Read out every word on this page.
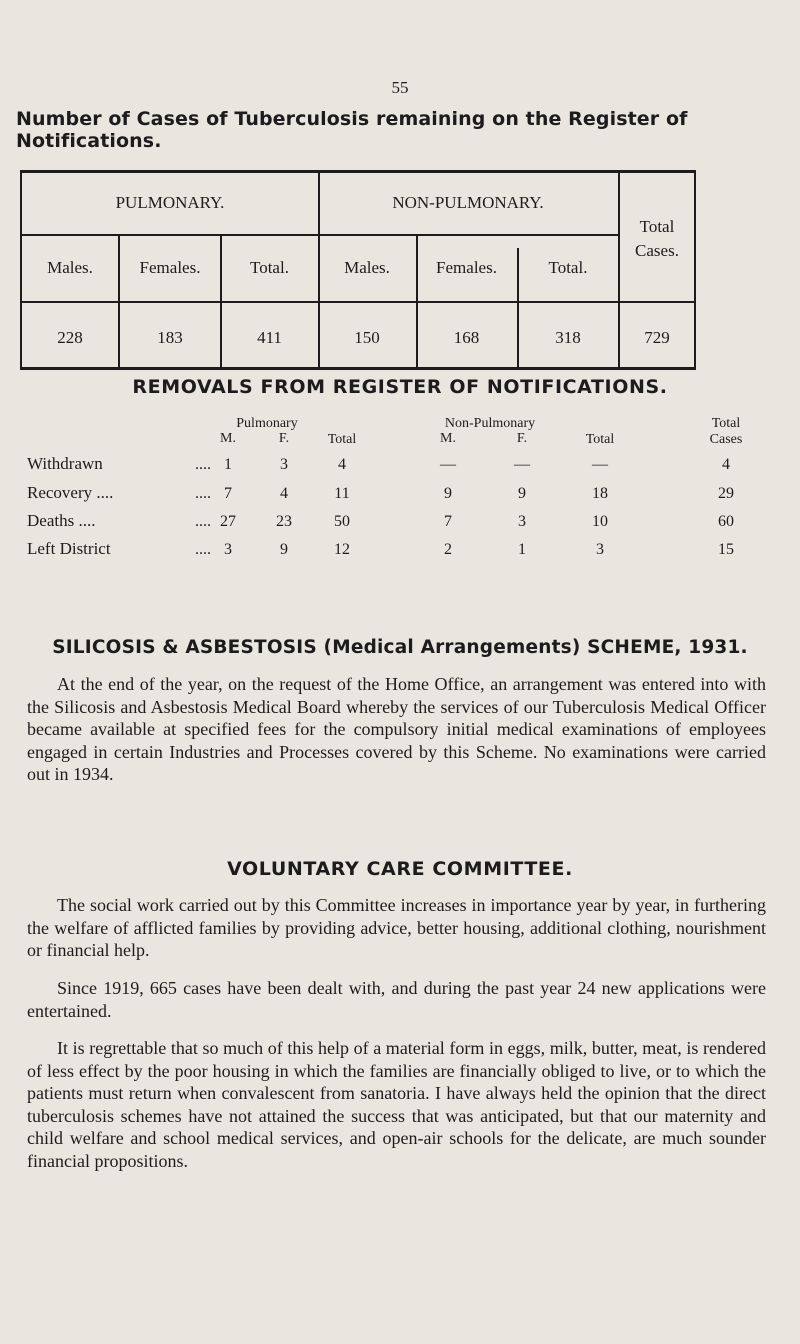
55
Number of Cases of Tuberculosis remaining on the Register of Notifications.
PULMONARY.	NON-PULMONARY.
Total Cases.
Males.	Females.	Total.	Males.	Females.	Total.
228	183	411	150	168	318	729
REMOVALS FROM REGISTER OF NOTIFICATIONS.
Pulmonary	Non-Pulmonary	Total
M.	F.	Total	M.	F.	Total	Cases
Withdrawn	.... 1	3	4	—	—	—	4
Recovery ....	.... 7	4	11	9	9	18	29
Deaths ....	.... 27	23	50	7	3	10	60
Left District	.... 3	9	12	2	1	3	15
SILICOSIS & ASBESTOSIS (Medical Arrangements) SCHEME, 1931.

At the end of the year, on the request of the Home Office, an arrangement was entered into with the Silicosis and Asbestosis Medical Board whereby the services of our Tuberculosis Medical Officer became available at specified fees for the compulsory initial medical examinations of employees engaged in certain Industries and Processes covered by this Scheme. No examinations were carried out in 1934.

VOLUNTARY CARE COMMITTEE.

The social work carried out by this Committee increases in importance year by year, in furthering the welfare of afflicted families by providing advice, better housing, additional clothing, nourishment or financial help.

Since 1919, 665 cases have been dealt with, and during the past year 24 new applications were entertained.

It is regrettable that so much of this help of a material form in eggs, milk, butter, meat, is rendered of less effect by the poor housing in which the families are financially obliged to live, or to which the patients must return when convalescent from sanatoria. I have always held the opinion that the direct tuberculosis schemes have not attained the success that was anticipated, but that our maternity and child welfare and school medical services, and open-air schools for the delicate, are much sounder financial propositions.
